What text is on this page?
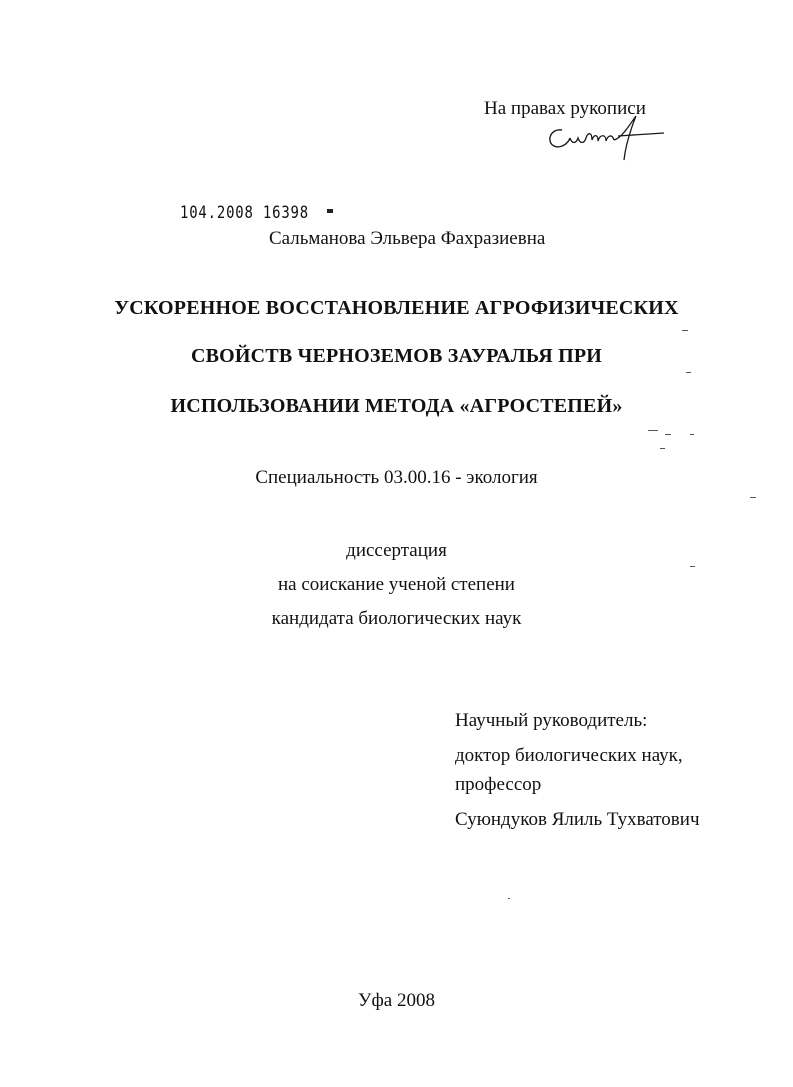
На правах рукописи
104.2008 16398
Сальманова Эльвера Фахразиевна
УСКОРЕННОЕ ВОССТАНОВЛЕНИЕ АГРОФИЗИЧЕСКИХ
СВОЙСТВ ЧЕРНОЗЕМОВ ЗАУРАЛЬЯ ПРИ
ИСПОЛЬЗОВАНИИ МЕТОДА «АГРОСТЕПЕЙ»
Специальность 03.00.16 - экология
диссертация
на соискание ученой степени
кандидата биологических наук
Научный руководитель:
доктор биологических наук,
профессор
Суюндуков Ялиль Тухватович
Уфа 2008
